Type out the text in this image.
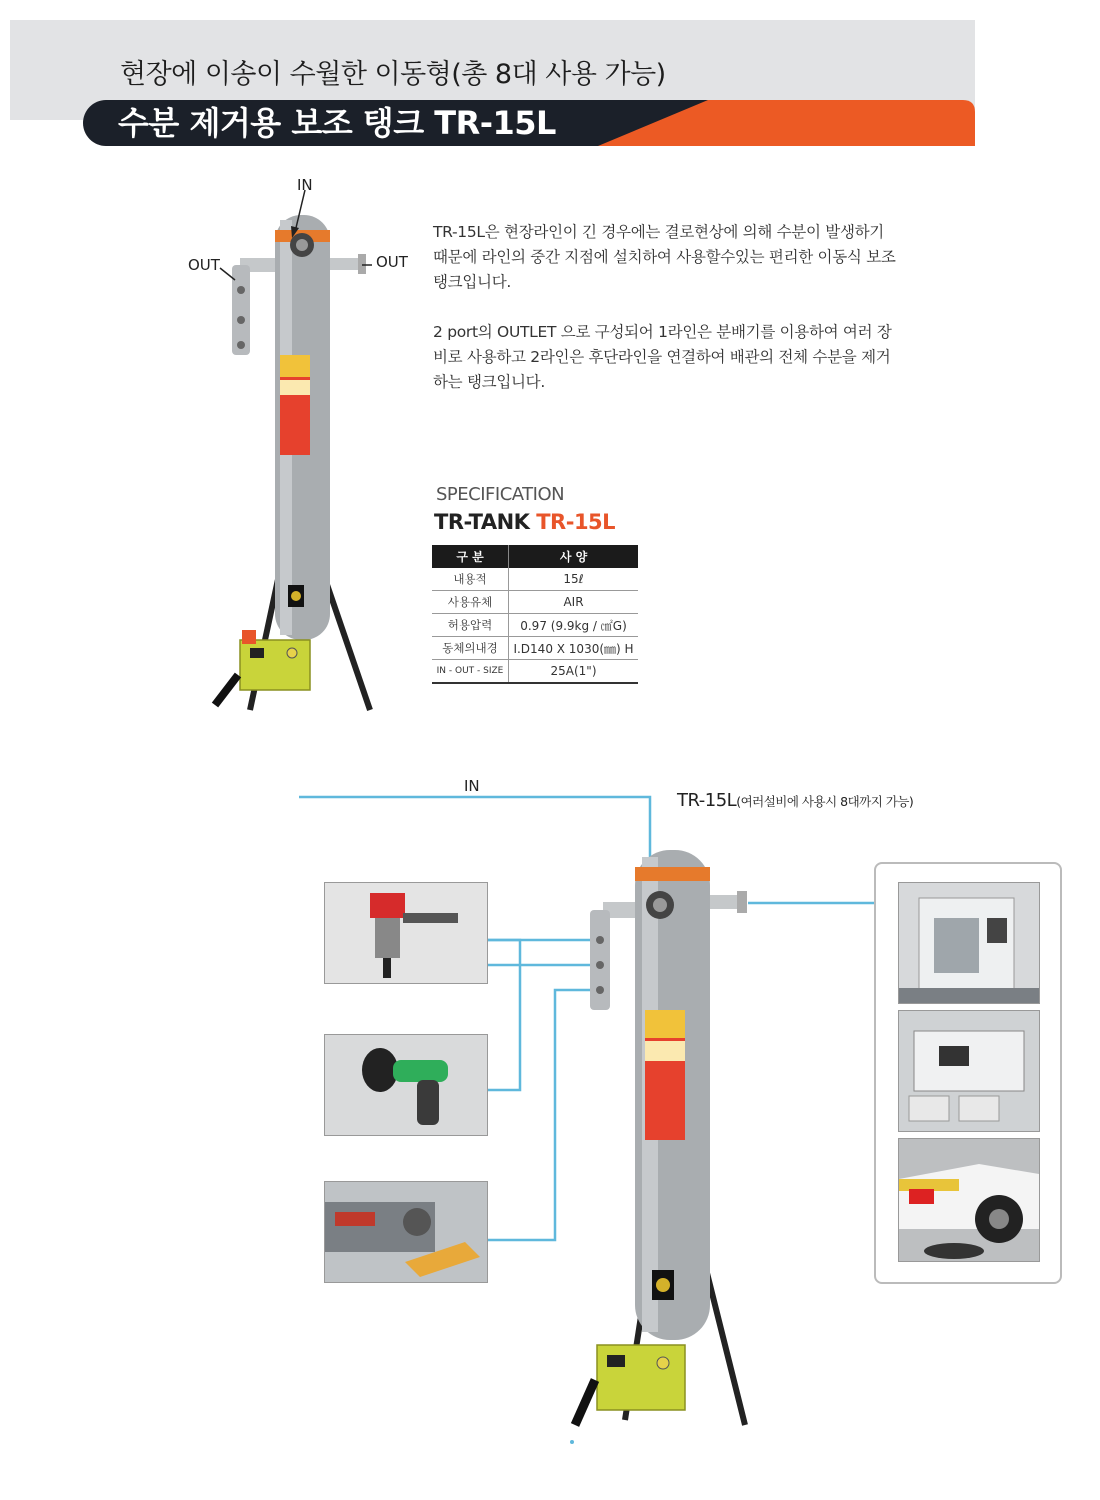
현장에 이송이 수월한 이동형(총 8대 사용 가능)
수분 제거용 보조 탱크 TR-15L
IN
OUT	OUT
TR-15L은 현장라인이 긴 경우에는 결로현상에 의해 수분이 발생하기 때문에 라인의 중간 지점에 설치하여 사용할수있는 편리한 이동식 보조탱크입니다.
2 port의 OUTLET 으로 구성되어 1라인은 분배기를 이용하여 여러 장비로 사용하고 2라인은 후단라인을 연결하여 배관의 전체 수분을 제거하는 탱크입니다.
SPECIFICATION
TR-TANK TR-15L
구 분	사 양
내용적	15ℓ
사용유체	AIR
허용압력	0.97 (9.9kg / ㎠G)
동체의내경	I.D140 X 1030(㎜) H
IN - OUT - SIZE	25A(1")
IN
TR-15L(여러설비에 사용시 8대까지 가능)
